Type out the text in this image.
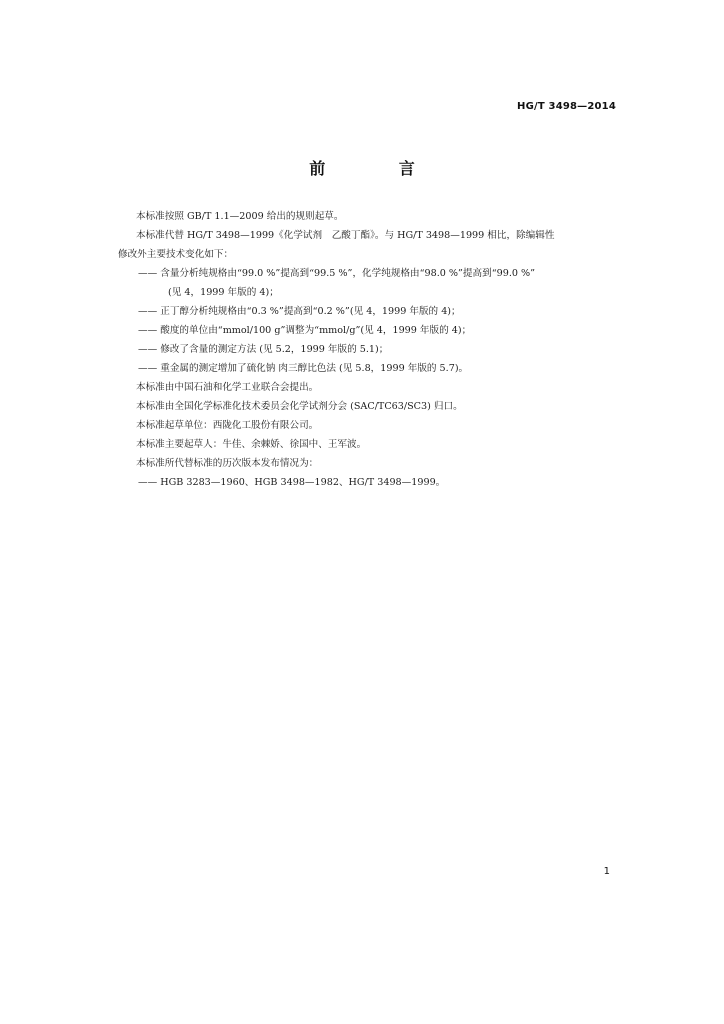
HG/T 3498—2014
前 言
本标准按照 GB/T 1.1—2009 给出的规则起草。
本标准代替 HG/T 3498—1999《化学试剂　乙酸丁酯》。与 HG/T 3498—1999 相比，除编辑性
修改外主要技术变化如下：
—— 含量分析纯规格由“99.0 %”提高到“99.5 %”，化学纯规格由“98.0 %”提高到“99.0 %”
(见 4，1999 年版的 4)；
—— 正丁醇分析纯规格由“0.3 %”提高到“0.2 %”(见 4，1999 年版的 4)；
—— 酸度的单位由“mmol/100 g”调整为“mmol/g”(见 4，1999 年版的 4)；
—— 修改了含量的测定方法 (见 5.2，1999 年版的 5.1)；
—— 重金属的测定增加了硫化钠 肉三醇比色法 (见 5.8，1999 年版的 5.7)。
本标准由中国石油和化学工业联合会提出。
本标准由全国化学标准化技术委员会化学试剂分会 (SAC/TC63/SC3) 归口。
本标准起草单位：西陇化工股份有限公司。
本标准主要起草人：牛佳、余棘娇、徐国中、王军波。
本标准所代替标准的历次版本发布情况为：
—— HGB 3283—1960、HGB 3498—1982、HG/T 3498—1999。
1
